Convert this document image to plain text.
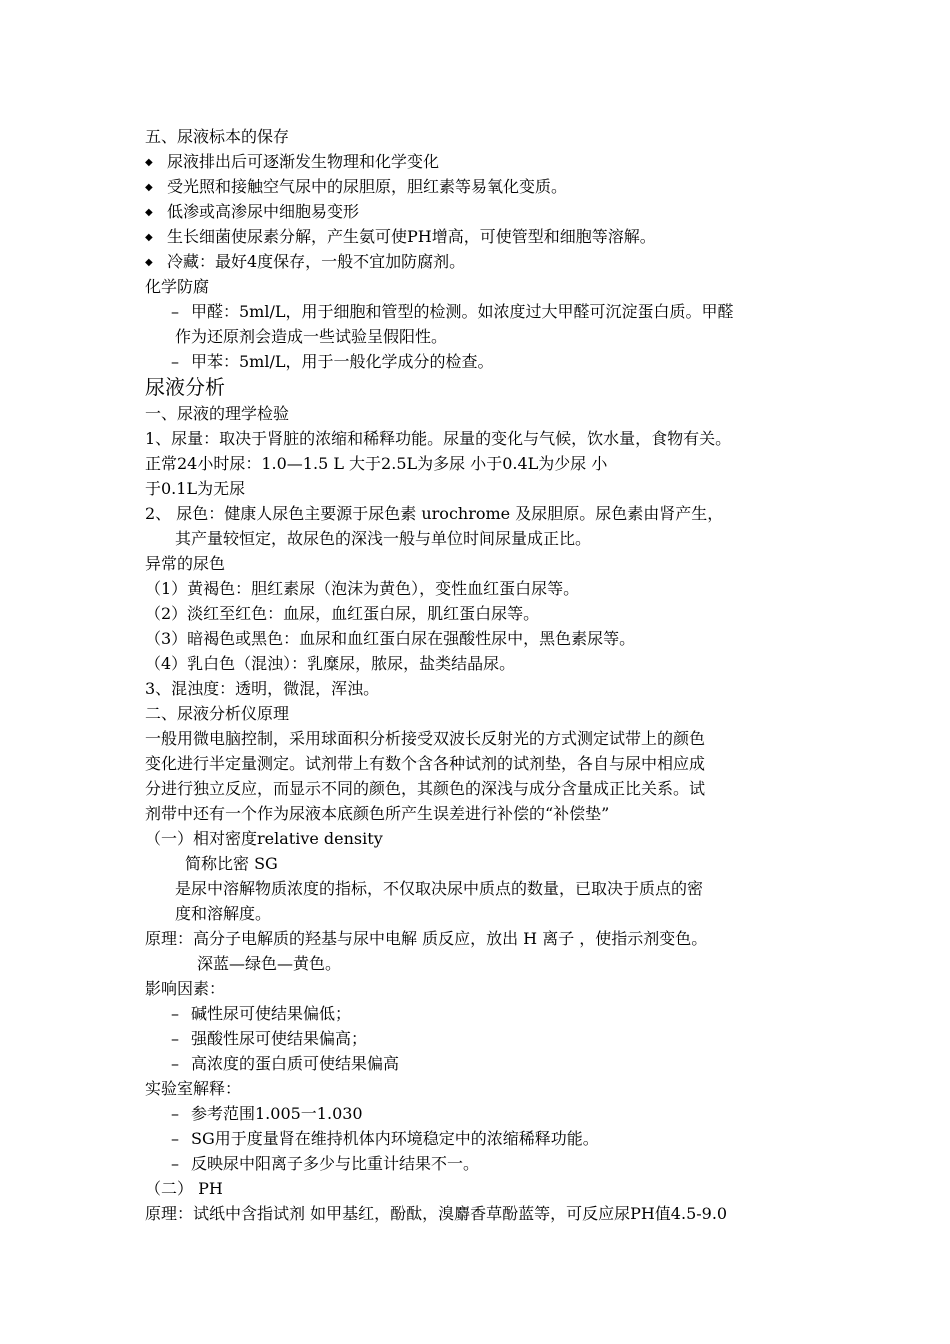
五、尿液标本的保存
◆ 尿液排出后可逐渐发生物理和化学变化
◆ 受光照和接触空气尿中的尿胆原，胆红素等易氧化变质。
◆ 低渗或高渗尿中细胞易变形
◆ 生长细菌使尿素分解，产生氨可使PH增高，可使管型和细胞等溶解。
◆ 冷藏：最好4度保存，一般不宜加防腐剂。
化学防腐
– 甲醛：5ml/L，用于细胞和管型的检测。如浓度过大甲醛可沉淀蛋白质。甲醛
作为还原剂会造成一些试验呈假阳性。
– 甲苯：5ml/L，用于一般化学成分的检查。
尿液分析
一、尿液的理学检验
1、尿量：取决于肾脏的浓缩和稀释功能。尿量的变化与气候，饮水量，食物有关。
正常24小时尿：1.0—1.5 L 大于2.5L为多尿 小于0.4L为少尿 小
于0.1L为无尿
2、 尿色：健康人尿色主要源于尿色素 urochrome 及尿胆原。尿色素由肾产生，
其产量较恒定，故尿色的深浅一般与单位时间尿量成正比。
异常的尿色
（1）黄褐色：胆红素尿（泡沫为黄色），变性血红蛋白尿等。
（2）淡红至红色：血尿，血红蛋白尿，肌红蛋白尿等。
（3）暗褐色或黑色：血尿和血红蛋白尿在强酸性尿中，黑色素尿等。
（4）乳白色（混浊）：乳糜尿，脓尿，盐类结晶尿。
3、混浊度：透明，微混，浑浊。
二、尿液分析仪原理
一般用微电脑控制，采用球面积分析接受双波长反射光的方式测定试带上的颜色
变化进行半定量测定。试剂带上有数个含各种试剂的试剂垫，各自与尿中相应成
分进行独立反应，而显示不同的颜色，其颜色的深浅与成分含量成正比关系。试
剂带中还有一个作为尿液本底颜色所产生误差进行补偿的“补偿垫”
（一）相对密度relative density
简称比密 SG
是尿中溶解物质浓度的指标，不仅取决尿中质点的数量，已取决于质点的密
度和溶解度。
原理：高分子电解质的羟基与尿中电解 质反应，放出 H 离子 ，使指示剂变色。
深蓝—绿色—黄色。
影响因素：
– 碱性尿可使结果偏低；
– 强酸性尿可使结果偏高；
– 高浓度的蛋白质可使结果偏高
实验室解释：
– 参考范围1.005一1.030
– SG用于度量肾在维持机体内环境稳定中的浓缩稀释功能。
– 反映尿中阳离子多少与比重计结果不一。
（二） PH
原理：试纸中含指试剂 如甲基红，酚酞，溴麝香草酚蓝等，可反应尿PH值4.5-9.0
